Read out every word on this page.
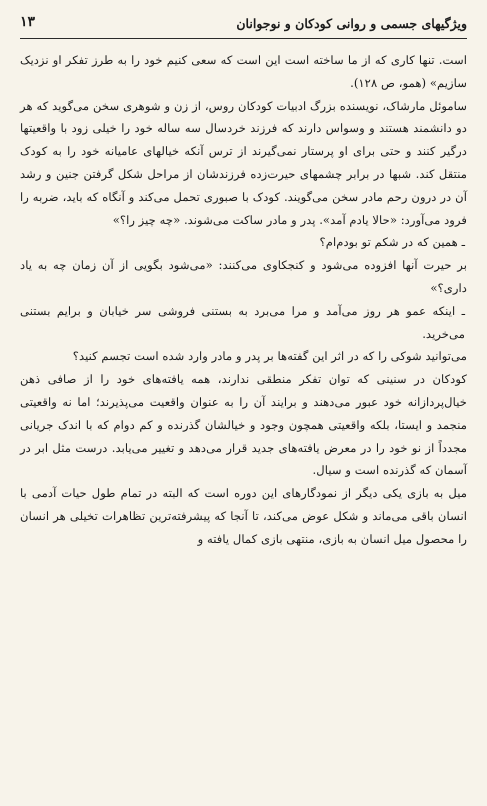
ویژگیهای جسمی و روانی کودکان و نوجوانان
۱۳

است. تنها کاری که از ما ساخته است این است که سعی کنیم خود را به طرز تفکر او نزدیک سازیم» (همو، ص ۱۲۸).

ساموئل مارشاک، نویسنده بزرگ ادبیات کودکان روس، از زن و شوهری سخن می‌گوید که هر دو دانشمند هستند و وسواس دارند که فرزند خردسال سه ساله خود را خیلی زود با واقعیتها درگیر کنند و حتی برای او پرستار نمی‌گیرند از ترس آنکه خیالهای عامیانه خود را به کودک منتقل کند. شبها در برابر چشمهای حیرت‌زده فرزندشان از مراحل شکل گرفتن جنین و رشد آن در درون رحم مادر سخن می‌گویند. کودک با صبوری تحمل می‌کند و آنگاه که باید، ضربه را فرود می‌آورد: «حالا یادم آمد». پدر و مادر ساکت می‌شوند. «چه چیز را؟»

ـ همین که در شکم تو بودم‌ام؟

بر حیرت آنها افزوده می‌شود و کنجکاوی می‌کنند: «می‌شود بگویی از آن زمان چه به یاد داری؟»

ـ اینکه عمو هر روز می‌آمد و مرا می‌برد به بستنی فروشی سر خیابان و برایم بستنی می‌خرید.

می‌توانید شوکی را که در اثر این گفته‌ها بر پدر و مادر وارد شده است تجسم کنید؟

کودکان در سنینی که توان تفکر منطقی ندارند، همه یافته‌های خود را از صافی ذهن خیال‌پردازانه خود عبور می‌دهند و برایند آن را به عنوان واقعیت می‌پذیرند؛ اما نه واقعیتی منجمد و ایستا، بلکه واقعیتی همچون وجود و خیالشان گذرنده و کم دوام که با اندک جریانی مجدداً از نو خود را در معرض یافته‌های جدید قرار می‌دهد و تغییر می‌یابد. درست مثل ابر در آسمان که گذرنده است و سیال.

میل به بازی یکی دیگر از نمودگارهای این دوره است که البته در تمام طول حیات آدمی با انسان باقی می‌ماند و شکل عوض می‌کند، تا آنجا که پیشرفته‌ترین تظاهرات تخیلی هر انسان را محصول میل انسان به بازی، منتهی بازی کمال یافته و
